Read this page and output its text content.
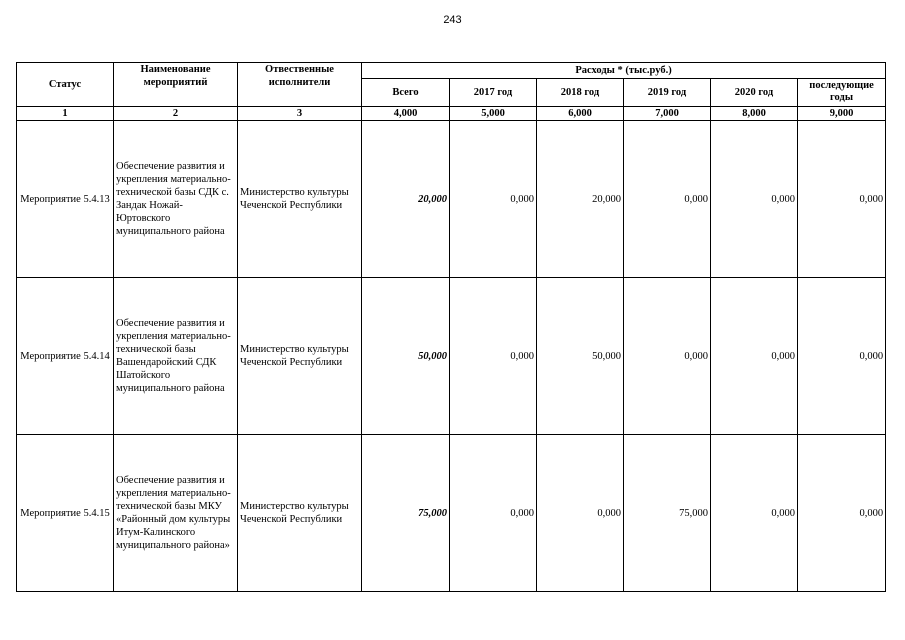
243
Статус	Наименование мероприятий	Отвественные исполнители	Расходы * (тыс.руб.)					
			Всего	2017 год	2018 год	2019 год	2020 год	последующие годы

1	2	3	4,000	5,000	6,000	7,000	8,000	9,000
Мероприятие 5.4.13	Обеспечение развития и укрепления материально-технической базы СДК с. Зандак Ножай-Юртовского муниципального района	Министерство культуры Чеченской Республики	20,000	0,000	20,000	0,000	0,000	0,000
Мероприятие 5.4.14	Обеспечение развития и укрепления материально-технической базы Вашендаройский СДК Шатойского муниципального района	Министерство культуры Чеченской Республики	50,000	0,000	50,000	0,000	0,000	0,000
Мероприятие 5.4.15	Обеспечение развития и укрепления материально-технической базы МКУ «Районный дом культуры Итум-Калинского муниципального района»	Министерство культуры Чеченской Республики	75,000	0,000	0,000	75,000	0,000	0,000
